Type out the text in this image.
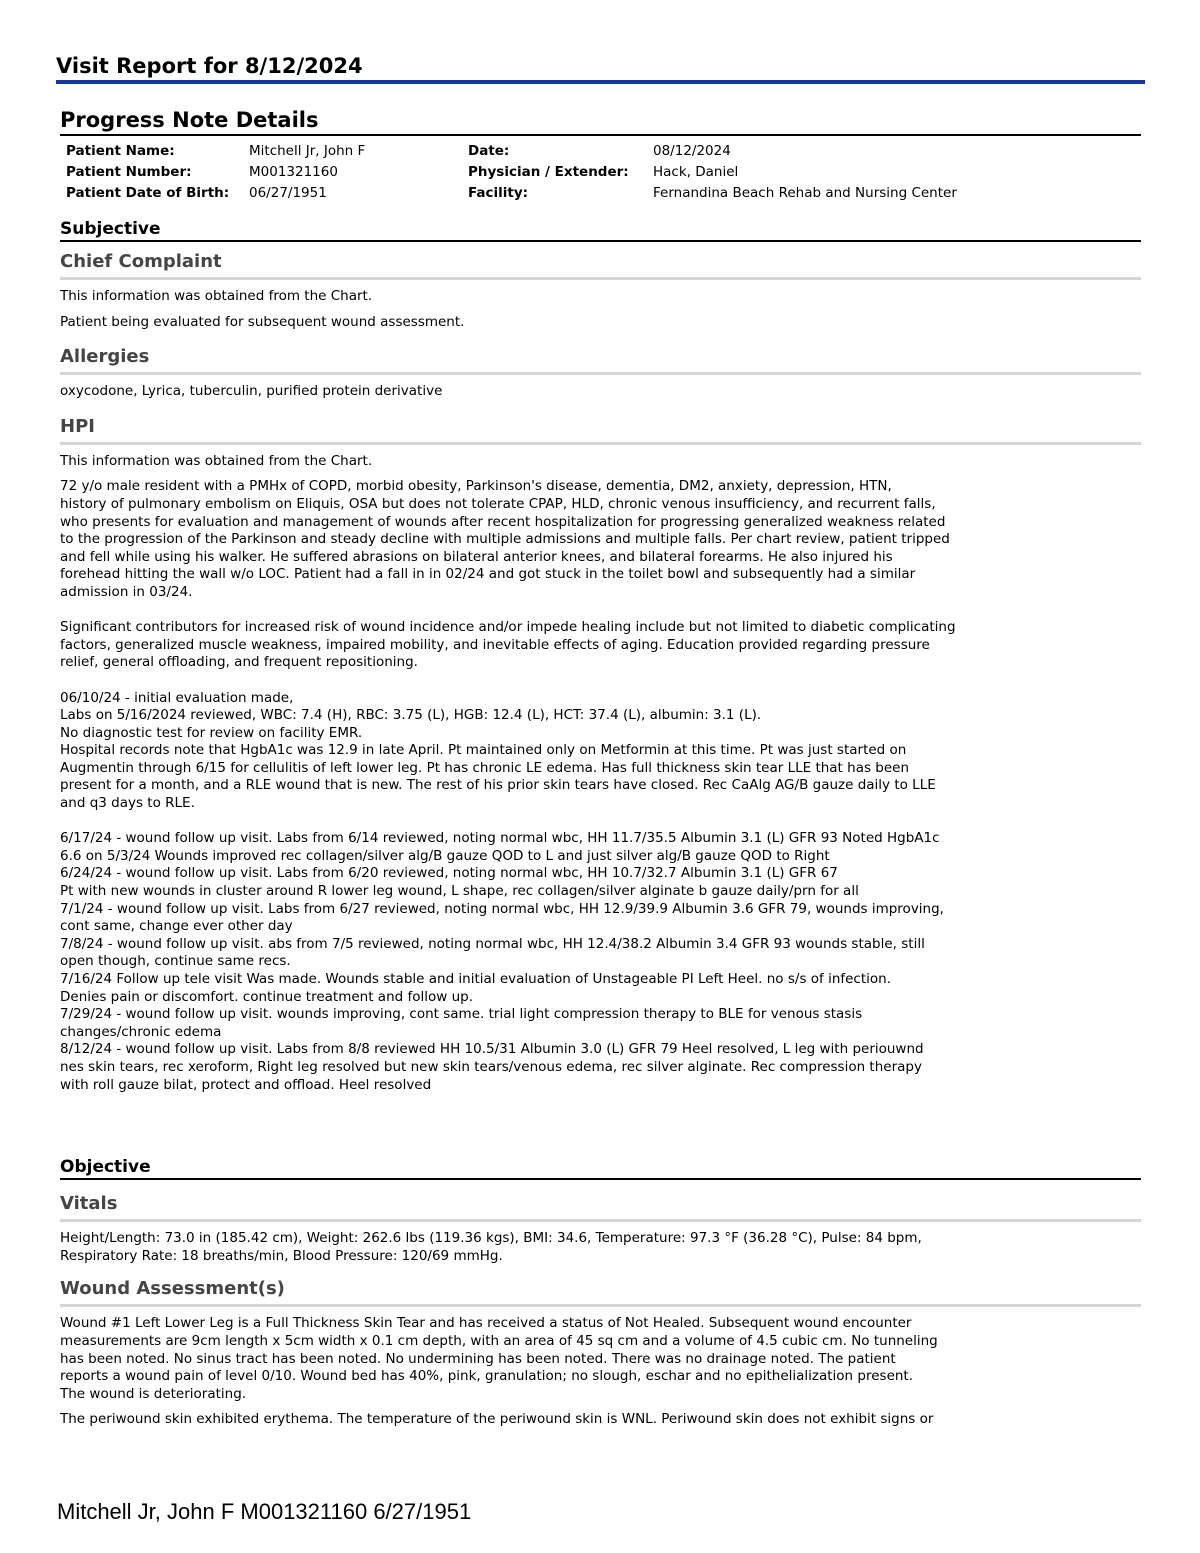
Visit Report for 8/12/2024
Progress Note Details
Patient Name:	Mitchell Jr, John F	Date:	08/12/2024
Patient Number:	M001321160	Physician / Extender:	Hack, Daniel
Patient Date of Birth:	06/27/1951	Facility:	Fernandina Beach Rehab and Nursing Center
Subjective
Chief Complaint
This information was obtained from the Chart.
Patient being evaluated for subsequent wound assessment.
Allergies
oxycodone, Lyrica, tuberculin, purified protein derivative
HPI
This information was obtained from the Chart.
72 y/o male resident with a PMHx of COPD, morbid obesity, Parkinson's disease, dementia, DM2, anxiety, depression, HTN,
history of pulmonary embolism on Eliquis, OSA but does not tolerate CPAP, HLD, chronic venous insufficiency, and recurrent falls,
who presents for evaluation and management of wounds after recent hospitalization for progressing generalized weakness related
to the progression of the Parkinson and steady decline with multiple admissions and multiple falls. Per chart review, patient tripped
and fell while using his walker. He suffered abrasions on bilateral anterior knees, and bilateral forearms. He also injured his
forehead hitting the wall w/o LOC. Patient had a fall in in 02/24 and got stuck in the toilet bowl and subsequently had a similar
admission in 03/24.
Significant contributors for increased risk of wound incidence and/or impede healing include but not limited to diabetic complicating
factors, generalized muscle weakness, impaired mobility, and inevitable effects of aging. Education provided regarding pressure
relief, general offloading, and frequent repositioning.
06/10/24 - initial evaluation made,
Labs on 5/16/2024 reviewed, WBC: 7.4 (H), RBC: 3.75 (L), HGB: 12.4 (L), HCT: 37.4 (L), albumin: 3.1 (L).
No diagnostic test for review on facility EMR.
Hospital records note that HgbA1c was 12.9 in late April. Pt maintained only on Metformin at this time. Pt was just started on
Augmentin through 6/15 for cellulitis of left lower leg. Pt has chronic LE edema. Has full thickness skin tear LLE that has been
present for a month, and a RLE wound that is new. The rest of his prior skin tears have closed. Rec CaAlg AG/B gauze daily to LLE
and q3 days to RLE.
6/17/24 - wound follow up visit. Labs from 6/14 reviewed, noting normal wbc, HH 11.7/35.5 Albumin 3.1 (L) GFR 93 Noted HgbA1c
6.6 on 5/3/24 Wounds improved rec collagen/silver alg/B gauze QOD to L and just silver alg/B gauze QOD to Right
6/24/24 - wound follow up visit. Labs from 6/20 reviewed, noting normal wbc, HH 10.7/32.7 Albumin 3.1 (L) GFR 67
Pt with new wounds in cluster around R lower leg wound, L shape, rec collagen/silver alginate b gauze daily/prn for all
7/1/24 - wound follow up visit. Labs from 6/27 reviewed, noting normal wbc, HH 12.9/39.9 Albumin 3.6 GFR 79, wounds improving,
cont same, change ever other day
7/8/24 - wound follow up visit. abs from 7/5 reviewed, noting normal wbc, HH 12.4/38.2 Albumin 3.4 GFR 93 wounds stable, still
open though, continue same recs.
7/16/24 Follow up tele visit Was made. Wounds stable and initial evaluation of Unstageable PI Left Heel. no s/s of infection.
Denies pain or discomfort. continue treatment and follow up.
7/29/24 - wound follow up visit. wounds improving, cont same. trial light compression therapy to BLE for venous stasis
changes/chronic edema
8/12/24 - wound follow up visit. Labs from 8/8 reviewed HH 10.5/31 Albumin 3.0 (L) GFR 79 Heel resolved, L leg with periouwnd
nes skin tears, rec xeroform, Right leg resolved but new skin tears/venous edema, rec silver alginate. Rec compression therapy
with roll gauze bilat, protect and offload. Heel resolved
Objective
Vitals
Height/Length: 73.0 in (185.42 cm), Weight: 262.6 lbs (119.36 kgs), BMI: 34.6, Temperature: 97.3 °F (36.28 °C), Pulse: 84 bpm,
Respiratory Rate: 18 breaths/min, Blood Pressure: 120/69 mmHg.
Wound Assessment(s)
Wound #1 Left Lower Leg is a Full Thickness Skin Tear and has received a status of Not Healed. Subsequent wound encounter
measurements are 9cm length x 5cm width x 0.1 cm depth, with an area of 45 sq cm and a volume of 4.5 cubic cm. No tunneling
has been noted. No sinus tract has been noted. No undermining has been noted. There was no drainage noted. The patient
reports a wound pain of level 0/10. Wound bed has 40%, pink, granulation; no slough, eschar and no epithelialization present.
The wound is deteriorating.
The periwound skin exhibited erythema. The temperature of the periwound skin is WNL. Periwound skin does not exhibit signs or
Mitchell Jr, John F M001321160 6/27/1951
